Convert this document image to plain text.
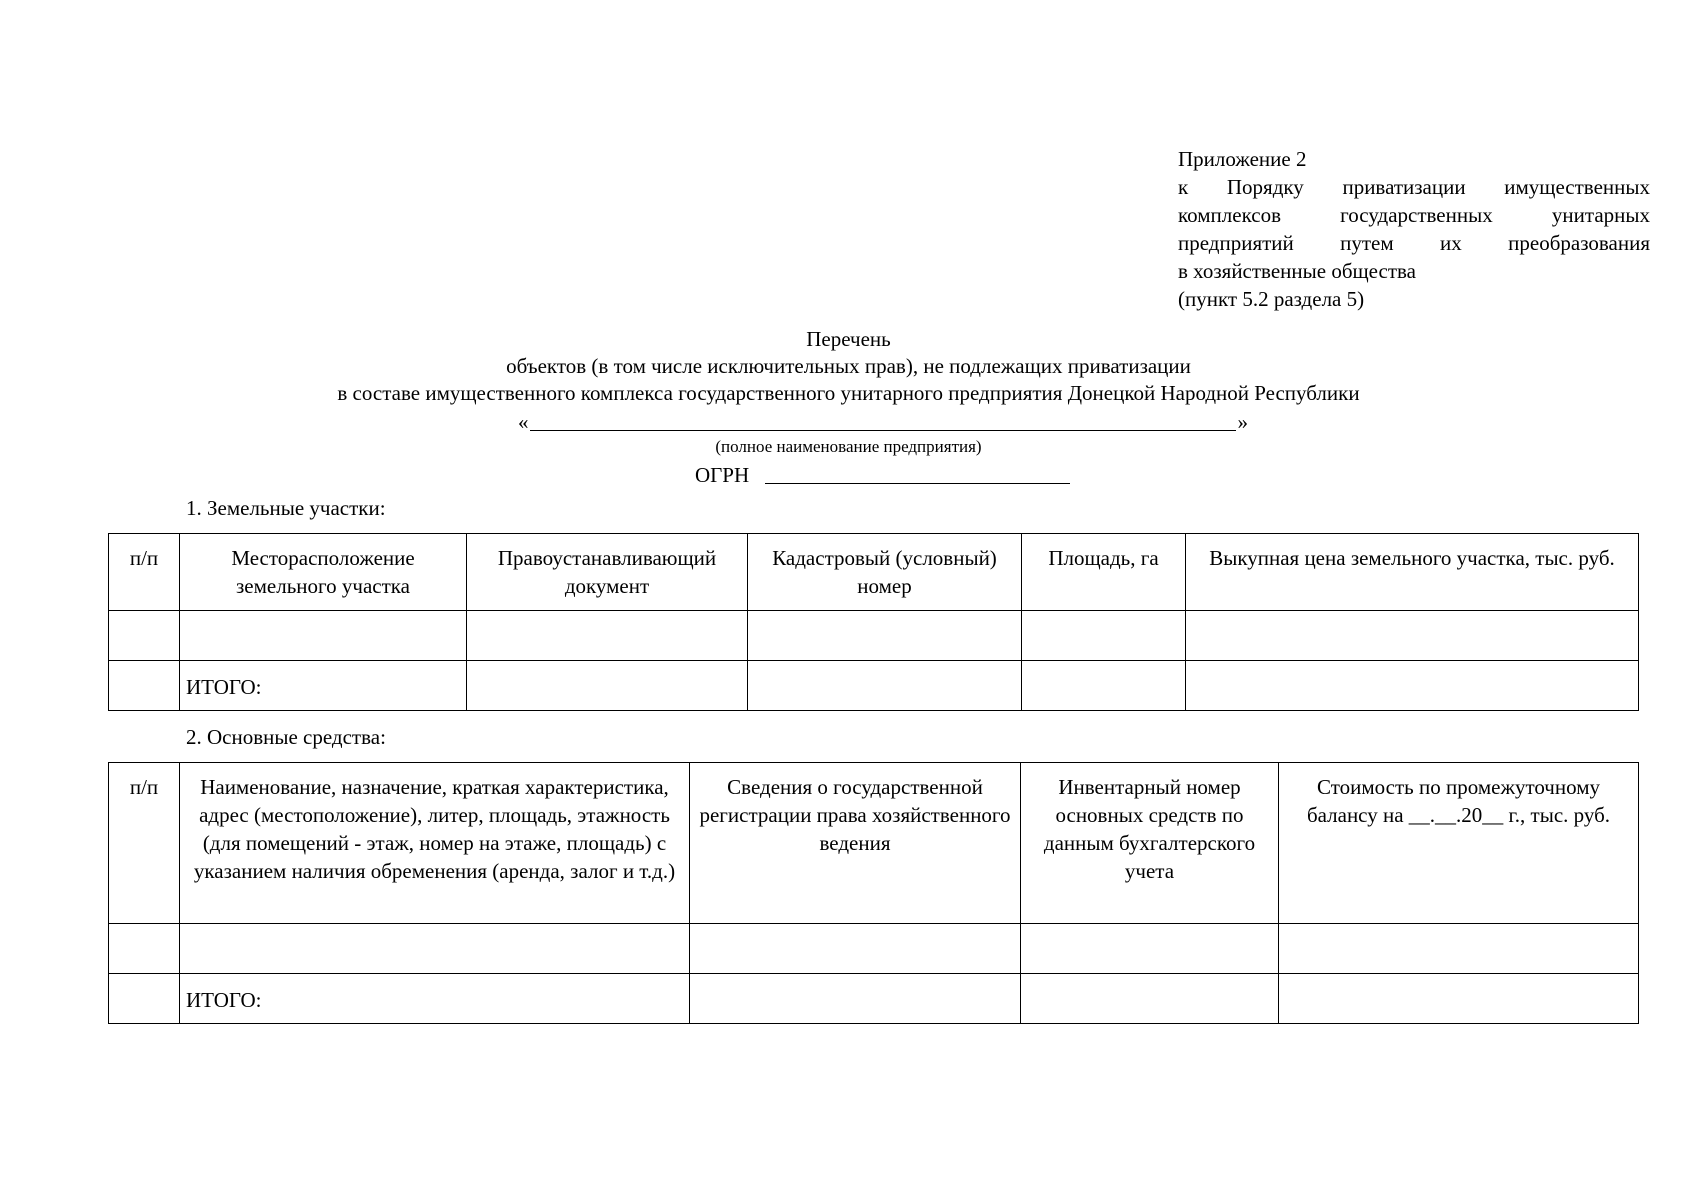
Приложение 2
к Порядку приватизации имущественных
комплексов государственных унитарных
предприятий путем их преобразования
в хозяйственные общества
(пункт 5.2 раздела 5)
Перечень
объектов (в том числе исключительных прав), не подлежащих приватизации
в составе имущественного комплекса государственного унитарного предприятия Донецкой Народной Республики
«	»
(полное наименование предприятия)
ОГРН
1. Земельные участки:
п/п	Месторасположение земельного участка	Правоустанавливающий документ	Кадастровый (условный) номер	Площадь, га	Выкупная цена земельного участка, тыс. руб.

	ИТОГО:				
2. Основные средства:
п/п	Наименование, назначение, краткая характеристика, адрес (местоположение), литер, площадь, этажность (для помещений - этаж, номер на этаже, площадь) с указанием наличия обременения (аренда, залог и т.д.)	Сведения о государственной регистрации права хозяйственного ведения	Инвентарный номер основных средств по данным бухгалтерского учета	Стоимость по промежуточному балансу на __.__.20__ г., тыс. руб.

	ИТОГО:			
